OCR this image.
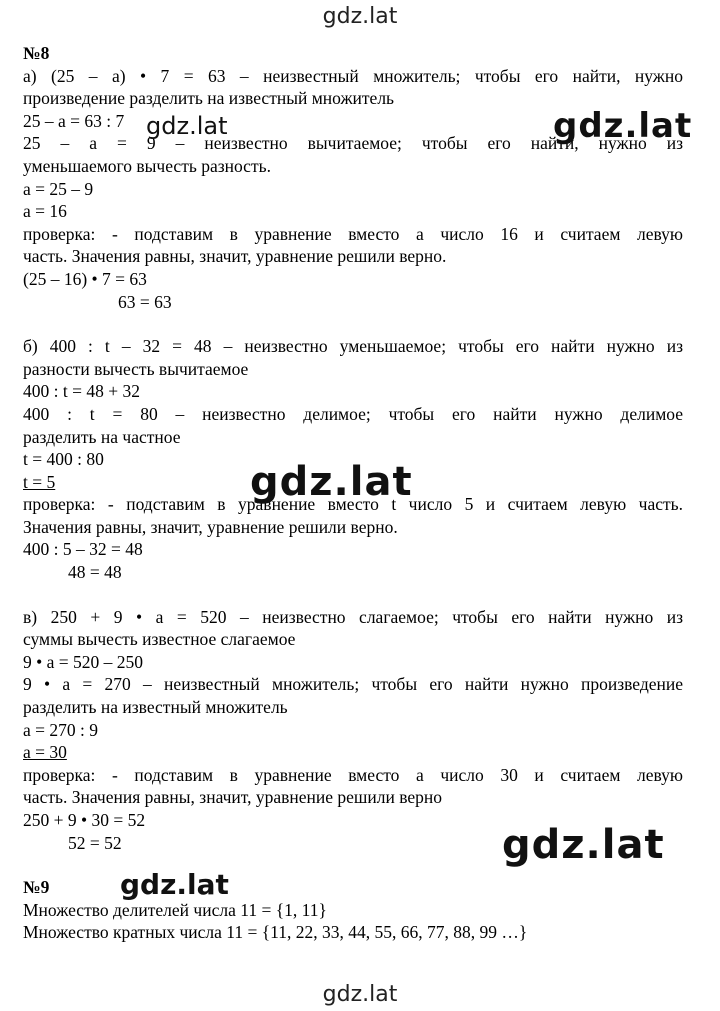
№8
а) (25 – а) • 7 = 63 – неизвестный множитель; чтобы его найти, нужно
произведение разделить на известный множитель
25 – а = 63 : 7
25 – а = 9 – неизвестно вычитаемое; чтобы его найти, нужно из
уменьшаемого вычесть разность.
а = 25 – 9
а = 16
проверка: - подставим в уравнение вместо а число 16 и считаем левую
часть. Значения равны, значит, уравнение решили верно.
(25 – 16) • 7 = 63
63 = 63
б) 400 : t – 32 = 48 – неизвестно уменьшаемое; чтобы его найти нужно из
разности вычесть вычитаемое
400 : t = 48 + 32
400 : t = 80 – неизвестно делимое; чтобы его найти нужно делимое
разделить на частное
t = 400 : 80
t = 5
проверка: - подставим в уравнение вместо t число 5 и считаем левую часть.
Значения равны, значит, уравнение решили верно.
400 : 5 – 32 = 48
48 = 48
в) 250 + 9 • а = 520 – неизвестно слагаемое; чтобы его найти нужно из
суммы вычесть известное слагаемое
9 • а = 520 – 250
9 • а = 270 – неизвестный множитель; чтобы его найти нужно произведение
разделить на известный множитель
а = 270 : 9
а = 30
проверка: - подставим в уравнение вместо а число 30 и считаем левую
часть. Значения равны, значит, уравнение решили верно
250 + 9 • 30 = 52
52 = 52
№9
Множество делителей числа 11 = {1, 11}
Множество кратных числа 11 = {11, 22, 33, 44, 55, 66, 77, 88, 99 …}
gdz.lat
gdz.lat	gdz.lat
gdz.lat
gdz.lat
gdz.lat
gdz.lat
